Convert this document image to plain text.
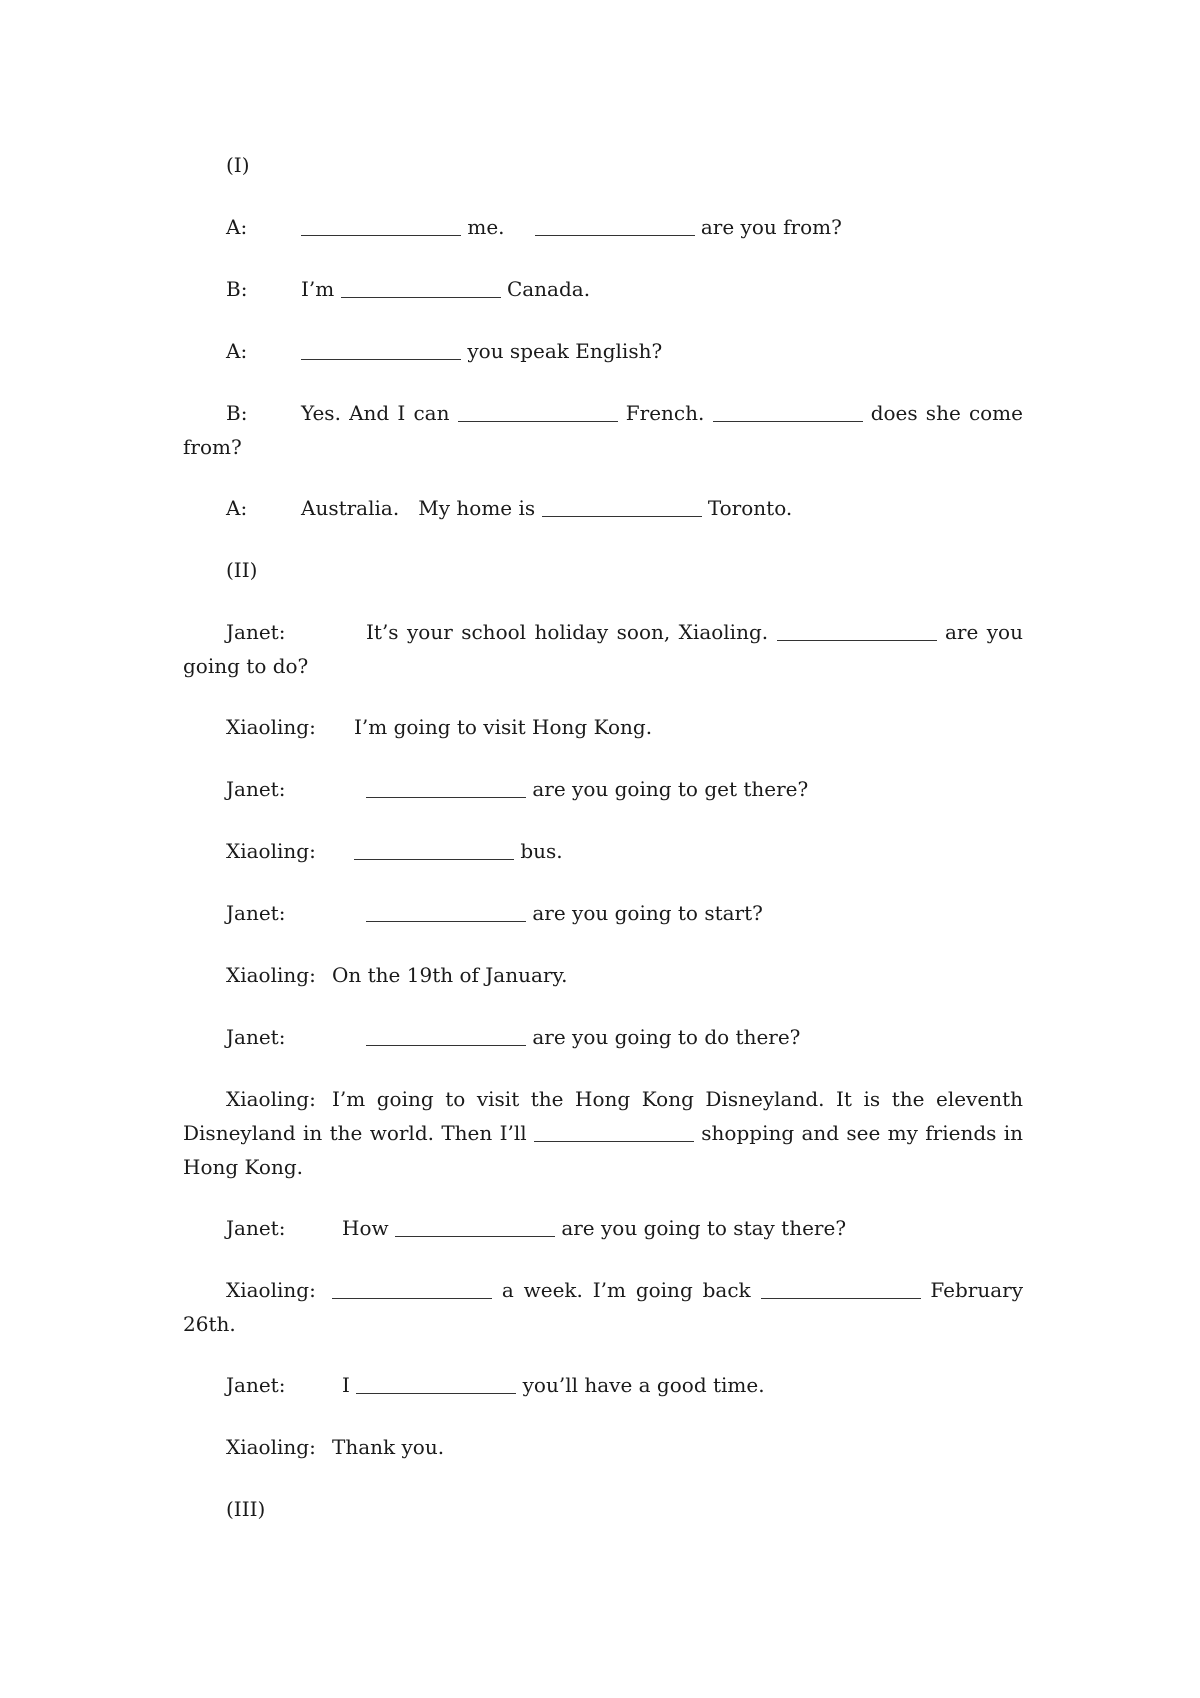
(I)
A:	me.	are you from?
B:	I’m	Canada.
A:	you speak English?
B:	Yes. And I can	French.	does she come from?
A:	Australia.   My home is	Toronto.
(II)
Janet:	It’s your school holiday soon, Xiaoling.	are you going to do?
Xiaoling: I’m going to visit Hong Kong.
Janet:	are you going to get there?
Xiaoling:	bus.
Janet:	are you going to start?
Xiaoling: On the 19th of January.
Janet:	are you going to do there?
Xiaoling: I’m going to visit the Hong Kong Disneyland. It is the eleventh Disneyland in the world. Then I’ll	shopping and see my friends in Hong Kong.
Janet:	How	are you going to stay there?
Xiaoling:	a week. I’m going back	February 26th.
Janet:	I	you’ll have a good time.
Xiaoling: Thank you.
(III)
